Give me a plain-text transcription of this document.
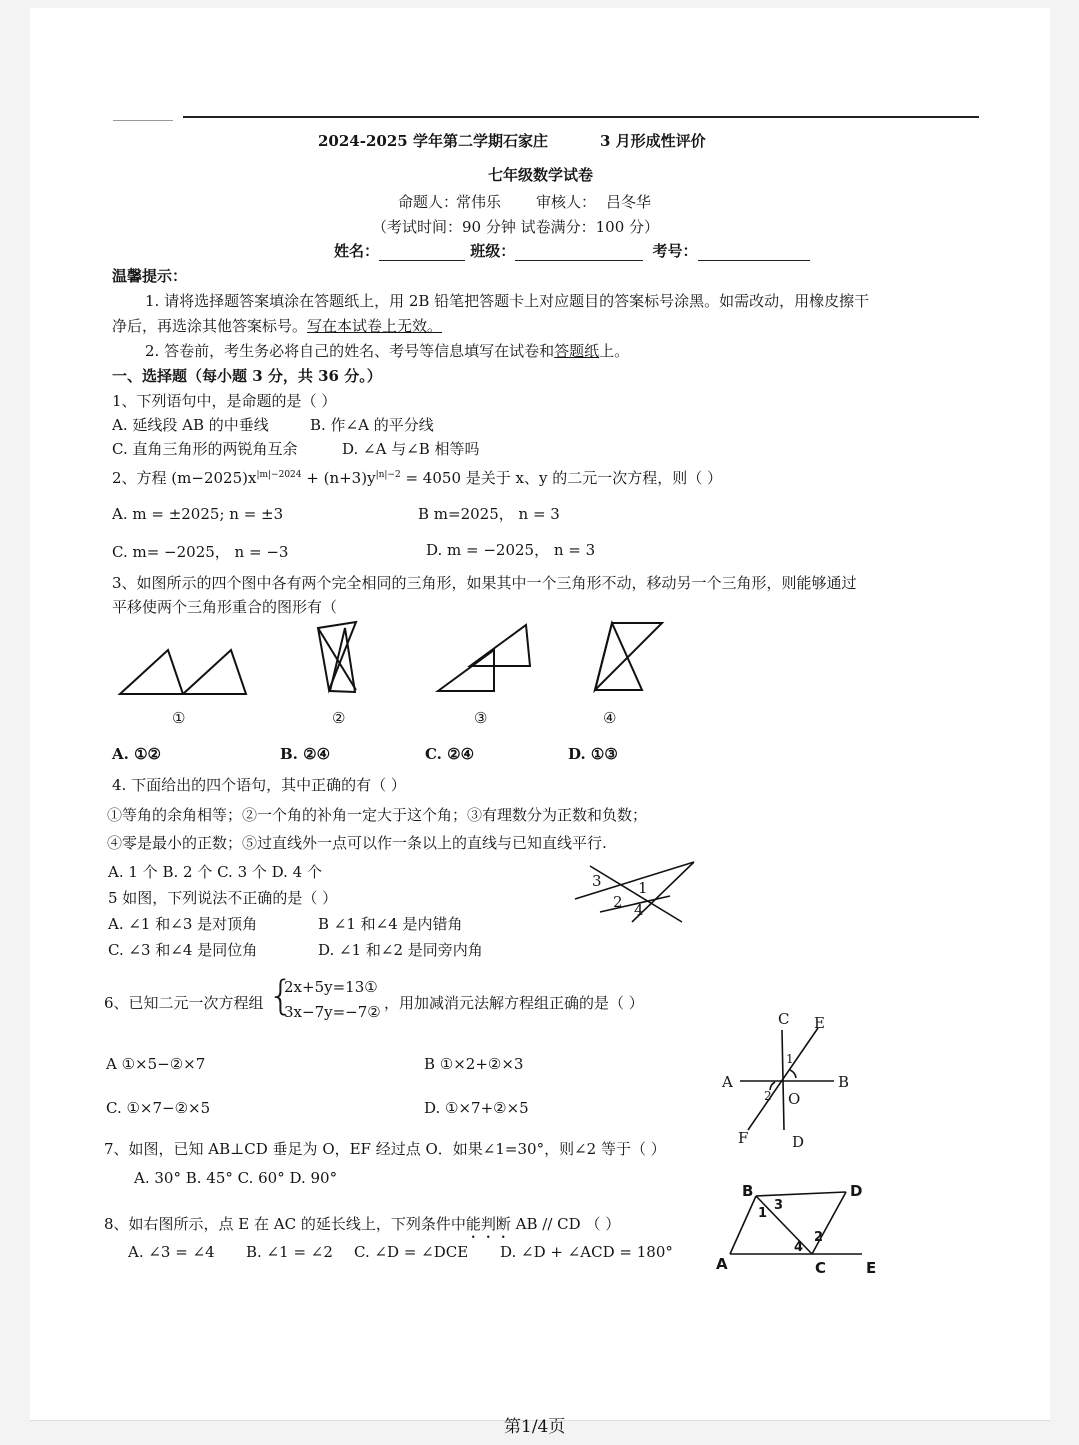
2024-2025 学年第二学期石家庄	3 月形成性评价
七年级数学试卷
命题人：
常伟乐 审核人： 吕冬华
（考试时间：90 分钟 试卷满分：100 分）
姓名：	班级：	考号：
温馨提示：
1. 请将选择题答案填涂在答题纸上，用 2B 铅笔把答题卡上对应题目的答案标号涂黑。如需改动，用橡皮擦干
净后，再选涂其他答案标号。写在本试卷上无效。
2. 答卷前，考生务必将自己的姓名、考号等信息填写在试卷和答题纸上。
一、选择题（每小题 3 分，共 36 分。）
1、下列语句中，是命题的是（ ）
A. 延线段 AB 的中垂线	B. 作∠A 的平分线
C. 直角三角形的两锐角互余	D. ∠A 与∠B 相等吗
2、方程 $(m-2025)x^{|m|-2024} + (n+3)y^{|n|-2} = 4050$ 是关于 x、y 的二元一次方程，则（ ）
A. m = ±2025; n = ±3	B m=2025， n = 3
C. m= −2025， n = −3	D. m = −2025， n = 3
3、如图所示的四个图中各有两个完全相同的三角形，如果其中一个三角形不动，移动另一个三角形，则能够通过
平移使两个三角形重合的图形有（
①	②	③	④
A. ①②	B. ②④	C. ②④	D. ①③
4. 下面给出的四个语句，其中正确的有（ ）
①等角的余角相等；②一个角的补角一定大于这个角；③有理数分为正数和负数；
④零是最小的正数；⑤过直线外一点可以作一条以上的直线与已知直线平行.
A. 1 个 B. 2 个 C. 3 个 D. 4 个
5 如图，下列说法不正确的是（ ）
A. ∠1 和∠3 是对顶角	B ∠1 和∠4 是内错角
C. ∠3 和∠4 是同位角	D. ∠1 和∠2 是同旁内角
3 1
2 4
6、已知二元一次方程组 {
2x+5y=13①
3x−7y=−7② ，用加减消元法解方程组正确的是（ ）
A ①×5−②×7	B ①×2+②×3
C. ①×7−②×5	D. ①×7+②×5
C E
A	B
1
2 O
F	D
7、如图，已知 AB⊥CD 垂足为 O，EF 经过点 O．如果∠1=30°，则∠2 等于（ ）
A. 30° B. 45° C. 60° D. 90°
8、如右图所示，点 E 在 AC 的延长线上，下列条件中能判断 AB // CD （ ）
A. ∠3 = ∠4 B. ∠1 = ∠2 C. ∠D = ∠DCE D. ∠D + ∠ACD = 180°
B	D
A	C	E
1
3
2
4
第1/4页
